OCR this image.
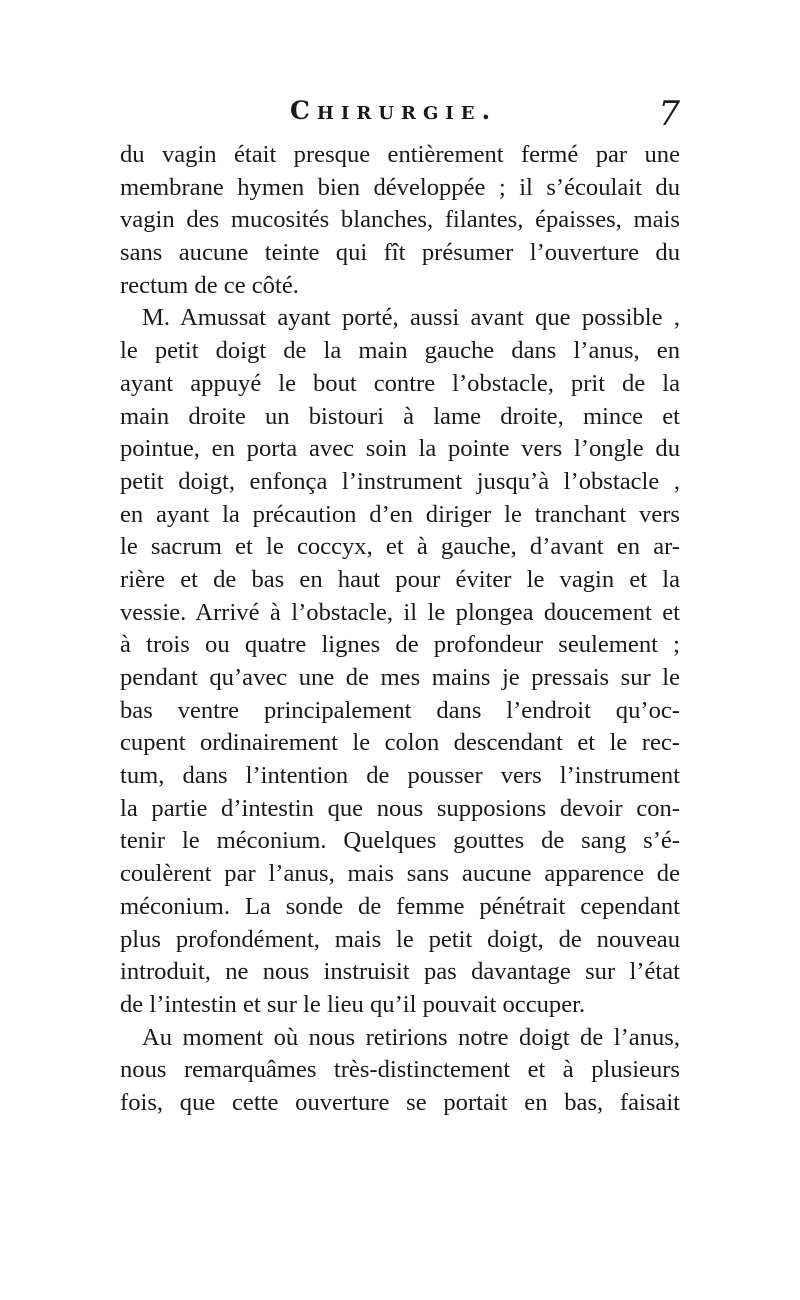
Chirurgie.	7
du vagin était presque entièrement fermé par une
membrane hymen bien développée ; il s’écoulait du
vagin des mucosités blanches, filantes, épaisses, mais
sans aucune teinte qui fît présumer l’ouverture du
rectum de ce côté.
M. Amussat ayant porté, aussi avant que possible ,
le petit doigt de la main gauche dans l’anus, en
ayant appuyé le bout contre l’obstacle, prit de la
main droite un bistouri à lame droite, mince et
pointue, en porta avec soin la pointe vers l’ongle du
petit doigt, enfonça l’instrument jusqu’à l’obstacle ,
en ayant la précaution d’en diriger le tranchant vers
le sacrum et le coccyx, et à gauche, d’avant en ar-
rière et de bas en haut pour éviter le vagin et la
vessie. Arrivé à l’obstacle, il le plongea doucement et
à trois ou quatre lignes de profondeur seulement ;
pendant qu’avec une de mes mains je pressais sur le
bas ventre principalement dans l’endroit qu’oc-
cupent ordinairement le colon descendant et le rec-
tum, dans l’intention de pousser vers l’instrument
la partie d’intestin que nous supposions devoir con-
tenir le méconium. Quelques gouttes de sang s’é-
coulèrent par l’anus, mais sans aucune apparence de
méconium. La sonde de femme pénétrait cependant
plus profondément, mais le petit doigt, de nouveau
introduit, ne nous instruisit pas davantage sur l’état
de l’intestin et sur le lieu qu’il pouvait occuper.
Au moment où nous retirions notre doigt de l’anus,
nous remarquâmes très-distinctement et à plusieurs
fois, que cette ouverture se portait en bas, faisait
